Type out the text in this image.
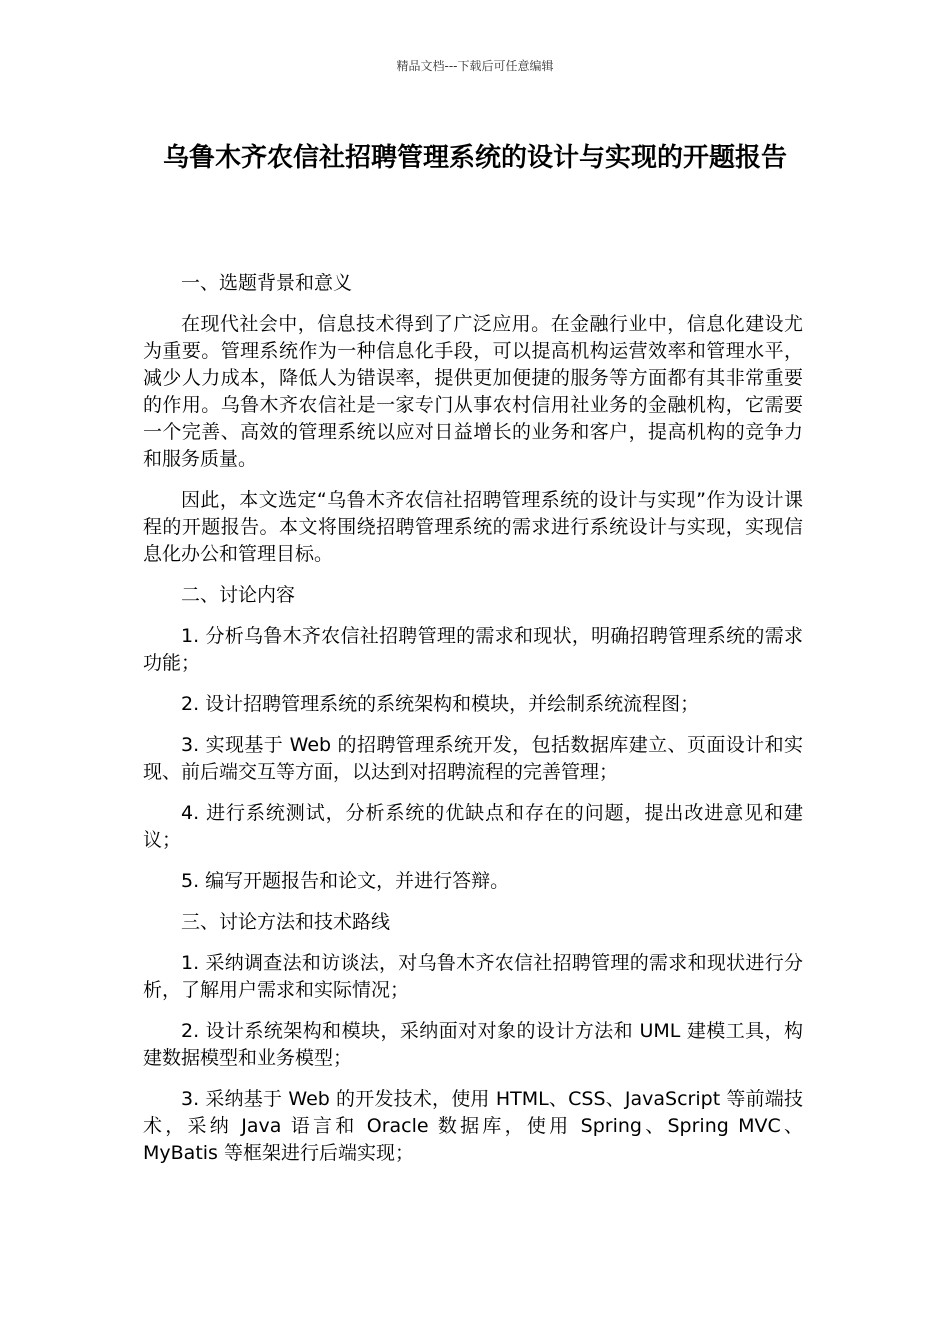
精品文档---下载后可任意编辑
乌鲁木齐农信社招聘管理系统的设计与实现的开题报告

一、选题背景和意义

在现代社会中，信息技术得到了广泛应用。在金融行业中，信息化建设尤为重要。管理系统作为一种信息化手段，可以提高机构运营效率和管理水平，减少人力成本，降低人为错误率，提供更加便捷的服务等方面都有其非常重要的作用。乌鲁木齐农信社是一家专门从事农村信用社业务的金融机构，它需要一个完善、高效的管理系统以应对日益增长的业务和客户，提高机构的竞争力和服务质量。

因此，本文选定“乌鲁木齐农信社招聘管理系统的设计与实现”作为设计课程的开题报告。本文将围绕招聘管理系统的需求进行系统设计与实现，实现信息化办公和管理目标。

二、讨论内容

1. 分析乌鲁木齐农信社招聘管理的需求和现状，明确招聘管理系统的需求功能；

2. 设计招聘管理系统的系统架构和模块，并绘制系统流程图；

3. 实现基于 Web 的招聘管理系统开发，包括数据库建立、页面设计和实现、前后端交互等方面，以达到对招聘流程的完善管理；

4. 进行系统测试，分析系统的优缺点和存在的问题，提出改进意见和建议；

5. 编写开题报告和论文，并进行答辩。

三、讨论方法和技术路线

1. 采纳调查法和访谈法，对乌鲁木齐农信社招聘管理的需求和现状进行分析，了解用户需求和实际情况；

2. 设计系统架构和模块，采纳面对对象的设计方法和 UML 建模工具，构建数据模型和业务模型；

3. 采纳基于 Web 的开发技术，使用 HTML、CSS、JavaScript 等前端技术，采纳 Java 语言和 Oracle 数据库，使用 Spring、Spring MVC、MyBatis 等框架进行后端实现；
